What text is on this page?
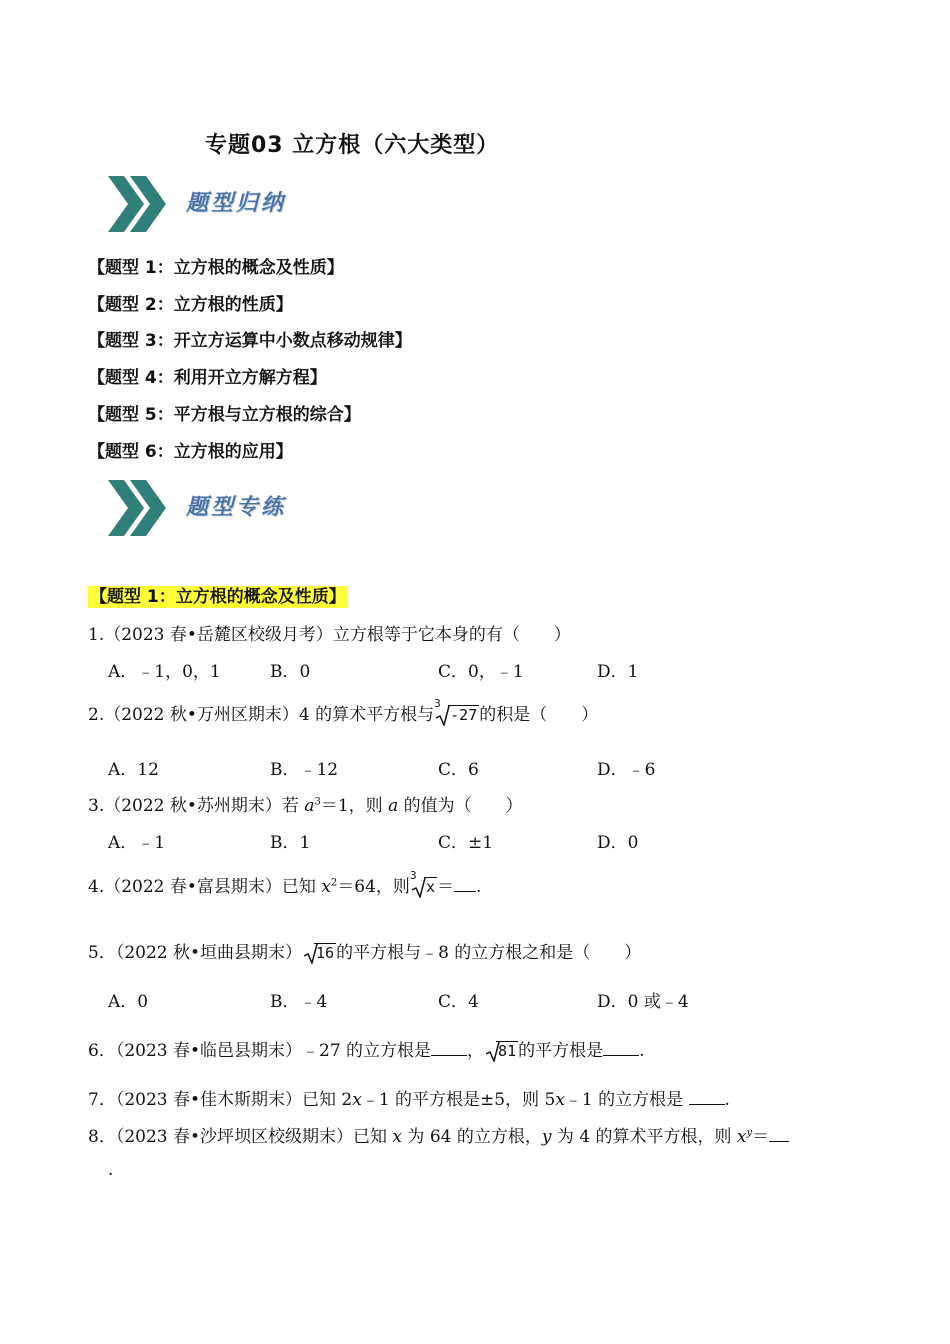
专题03 立方根（六大类型）
题型归纳
【题型 1：立方根的概念及性质】
【题型 2：立方根的性质】
【题型 3：开立方运算中小数点移动规律】
【题型 4：利用开立方解方程】
【题型 5：平方根与立方根的综合】
【题型 6：立方根的应用】
题型专练
【题型 1：立方根的概念及性质】
1.（2023 春•岳麓区校级月考）立方根等于它本身的有（　　）
A．﹣1，0，1	B．0	C．0，﹣1	D．1
2.（2022 秋•万州区期末）4 的算术平方根与
3
-27 的积是（　　）
A．12	B．﹣12	C．6	D．﹣6
3.（2022 秋•苏州期末）若 $a^3=1$，则 a 的值为（　　）
A．﹣1	B．1	C．±1	D．0
4.（2022 春•富县期末）已知 $x^2=64$，则
3
x ＝ .
5．（2022 秋•垣曲县期末） 16 的平方根与﹣8 的立方根之和是（　　）
A．0	B．﹣4	C．4	D．0 或﹣4
6．（2023 春•临邑县期末）﹣27 的立方根是 ， 81 的平方根是 .
7．（2023 春•佳木斯期末）已知 2x﹣1 的平方根是±5，则 5x﹣1 的立方根是 .
8．（2023 春•沙坪坝区校级期末）已知 x 为 64 的立方根，y 为 4 的算术平方根，则 $x^y=$
.
